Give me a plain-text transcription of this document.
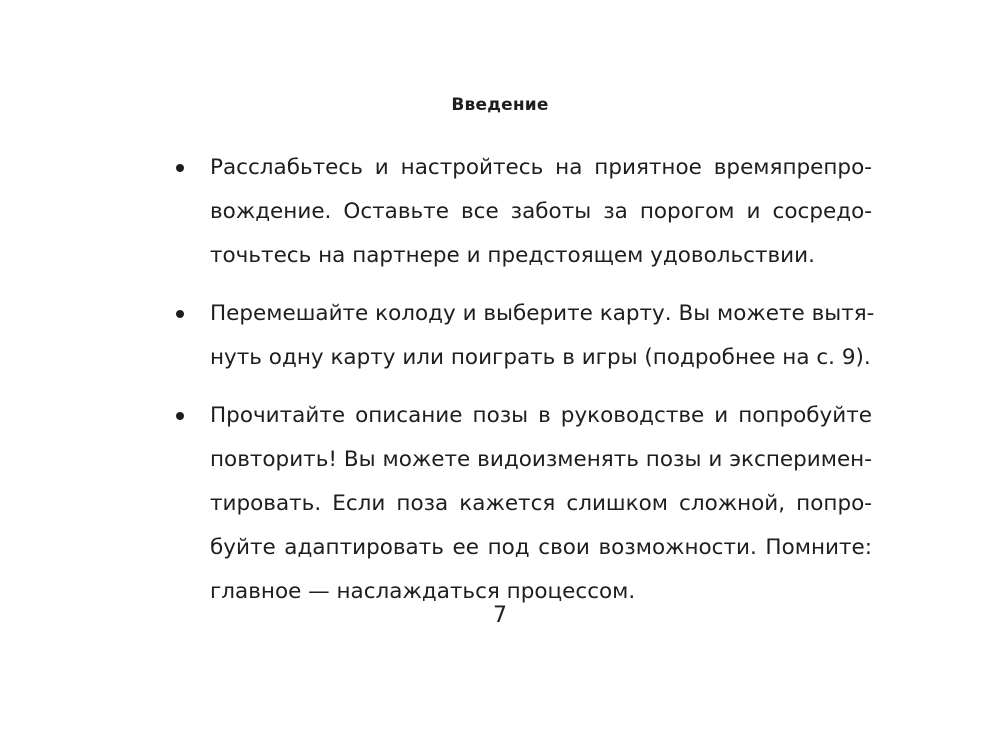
Введение
Расслабьтесь и настройтесь на приятное времяпрепро-
вождение. Оставьте все заботы за порогом и сосредо-
точьтесь на партнере и предстоящем удовольствии.
Перемешайте колоду и выберите карту. Вы можете вытя-
нуть одну карту или поиграть в игры (подробнее на с. 9).
Прочитайте описание позы в руководстве и попробуйте
повторить! Вы можете видоизменять позы и эксперимен-
тировать. Если поза кажется слишком сложной, попро-
буйте адаптировать ее под свои возможности. Помните:
главное — наслаждаться процессом.
7
